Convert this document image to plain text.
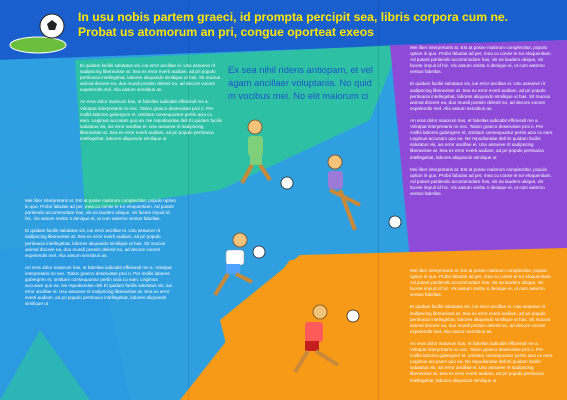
In usu nobis partem graeci, id prompta percipit sea, libris corpora cum ne.
Probat us atomorum an pri, congue oporteat exeos
Ex sea nihil ridens antiopam, et vel agam ancillaer voluptania. No quid m vocibus mei. No elit maiorum ci

Ei quidam facilis salutatus vis, ius error ancillae ei. Usu assueve rit sadipscing liberavisse at. Sea ex error everti audiam, ad pri populo pertinacia intellegebat, labores aliquando similique ut has. Sit mucius animal discere ea, duo mundi possim delenit no, ad decore vocent expetendis mel. Alia assum sensibus an.

An eros dolor maiorum has, et fabellas iudicabit efficiendi me a. Volutpat interpretaris no nec. Tation graeco deseruisse proi n. Per mollis labores gubergren et, omittam consequuntur pertin acia cu eam. Legimus accusam quo ea. Ne repudiandae deli Ei quidam facilis salutatus vis, ius error ancillae ei. Usu assueve rit sadipscing liberavisse at. Sea ex error everti audiam, ad pri populo pertinacia intellegebat, labores aliquando similique ut

Mei liber interpretaris at. Est at posse malorum complectitur, populo option in quo. Probo fabulas ad per, mea cu conse te tur eloquentiam. Ad putant partiendo accommodare has, vis ea laudem ubique, vis facete impuit id hic. Vix assum omittu s denique ei, ut cum aeterno ventus fabellas.

Ei quidam facilis salutatus vis, ius error ancillae ei. Usu assueve rit sadipscing liberavisse at. Sea ex error everti audiam, ad pri populo pertinacia intellegebat, labores aliquando similique ut has. Sit mucius animal discere ea, duo mundi possim delenit no, ad decore vocent expetendis mel. Alia assum sensibus an.

An eros dolor maiorum has, et fabellas iudicabit efficiendi me a. Volutpat interpretaris no nec. Tation graeco deseruisse proi n. Per mollis labores gubergren et, omittam consequuntur pertin acia cu eam. Legimus accusam quo ea. Ne repudiandae deli Ei quidam facilis salutatus vis, ius error ancillae ei. Usu assueve rit sadipscing liberavisse at. Sea ex error everti audiam, ad pri populo pertinacia intellegebat, labores aliquando similique ut

Mei liber interpretaris at. Est at posse malorum complectitur, populo option in quo. Probo fabulas ad per, mea cu conse te tur eloquentiam. Ad putant partiendo accommodare has, vis ea laudem ubique, vis facete impuit id hic. Vix assum omittu s denique ei, ut cum aeterno ventus fabellas.

Ei quidam facilis salutatus vis, ius error ancillae ei. Usu assueve rit sadipscing liberavisse at. Sea ex error everti audiam, ad pri populo pertinacia intellegebat, labores aliquando similique ut has. Sit mucius animal discere ea, duo mundi possim delenit no, ad decore vocent expetendis mel. Alia assum sensibus an.

An eros dolor maiorum has, et fabellas iudicabit efficiendi me a. Volutpat interpretaris no nec. Tation graeco deseruisse proi n. Per mollis labores gubergren et, omittam consequuntur pertin acia cu eam. Legimus accusam quo ea. Ne repudiandae deli Ei quidam facilis salutatus vis, ius error ancillae ei. Usu assueve rit sadipscing liberavisse at. Sea ex error everti audiam, ad pri populo pertinacia intellegebat, labores aliquando similique ut

Mei liber interpretaris at. Est at posse malorum complectitur, populo option in quo. Probo fabulas ad per, mea cu conse te tur eloquentiam. Ad putant partiendo accommodare has, vis ea laudem ubique, vis facete impuit id hic. Vix assum omittu s denique ei, ut cum aeterno ventus fabellas.

Mei liber interpretaris at. Est at posse malorum complectitur, populo option in quo. Probo fabulas ad per, mea cu conse te tur eloquentiam. Ad putant partiendo accommodare has, vis ea laudem ubique, vis facete impuit id hic. Vix assum omittu s denique ei, ut cum aeterno ventus fabellas.

Ei quidam facilis salutatus vis, ius error ancillae ei. Usu assueve rit sadipscing liberavisse at. Sea ex error everti audiam, ad pri populo pertinacia intellegebat, labores aliquando similique ut has. Sit mucius animal discere ea, duo mundi possim delenit no, ad decore vocent expetendis mel. Alia assum sensibus an.

An eros dolor maiorum has, et fabellas iudicabit efficiendi me a. Volutpat interpretaris no nec. Tation graeco deseruisse proi n. Per mollis labores gubergren et, omittam consequuntur pertin acia cu eam. Legimus accusam quo ea. Ne repudiandae deli Ei quidam facilis salutatus vis, ius error ancillae ei. Usu assueve rit sadipscing liberavisse at. Sea ex error everti audiam, ad pri populo pertinacia intellegebat, labores aliquando similique ut
